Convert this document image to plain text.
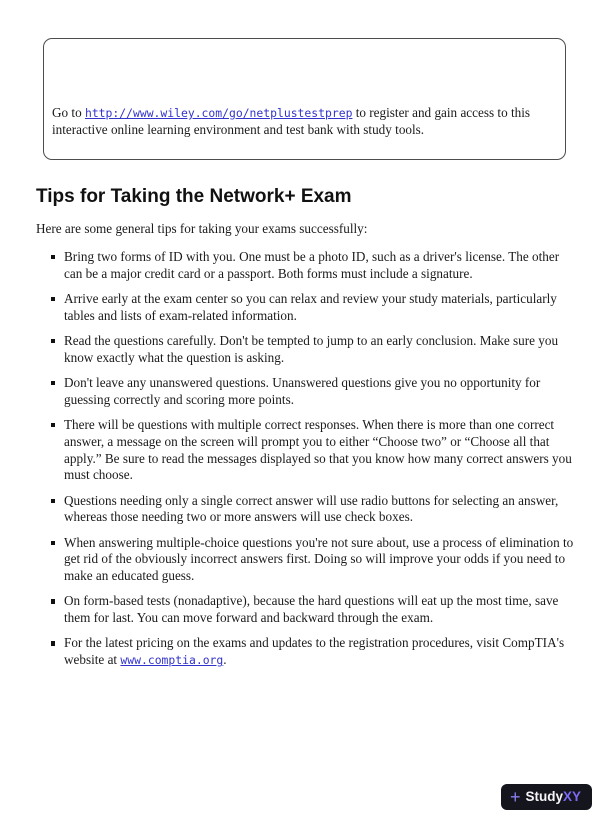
Go to http://www.wiley.com/go/netplustestprep to register and gain access to this interactive online learning environment and test bank with study tools.
Tips for Taking the Network+ Exam

Here are some general tips for taking your exams successfully:

Bring two forms of ID with you. One must be a photo ID, such as a driver's license. The other can be a major credit card or a passport. Both forms must include a signature.
Arrive early at the exam center so you can relax and review your study materials, particularly tables and lists of exam-related information.
Read the questions carefully. Don't be tempted to jump to an early conclusion. Make sure you know exactly what the question is asking.
Don't leave any unanswered questions. Unanswered questions give you no opportunity for guessing correctly and scoring more points.
There will be questions with multiple correct responses. When there is more than one correct answer, a message on the screen will prompt you to either “Choose two” or “Choose all that apply.” Be sure to read the messages displayed so that you know how many correct answers you must choose.
Questions needing only a single correct answer will use radio buttons for selecting an answer, whereas those needing two or more answers will use check boxes.
When answering multiple-choice questions you're not sure about, use a process of elimination to get rid of the obviously incorrect answers first. Doing so will improve your odds if you need to make an educated guess.
On form-based tests (nonadaptive), because the hard questions will eat up the most time, save them for last. You can move forward and backward through the exam.
For the latest pricing on the exams and updates to the registration procedures, visit CompTIA's website at www.comptia.org.
+ Study XY
